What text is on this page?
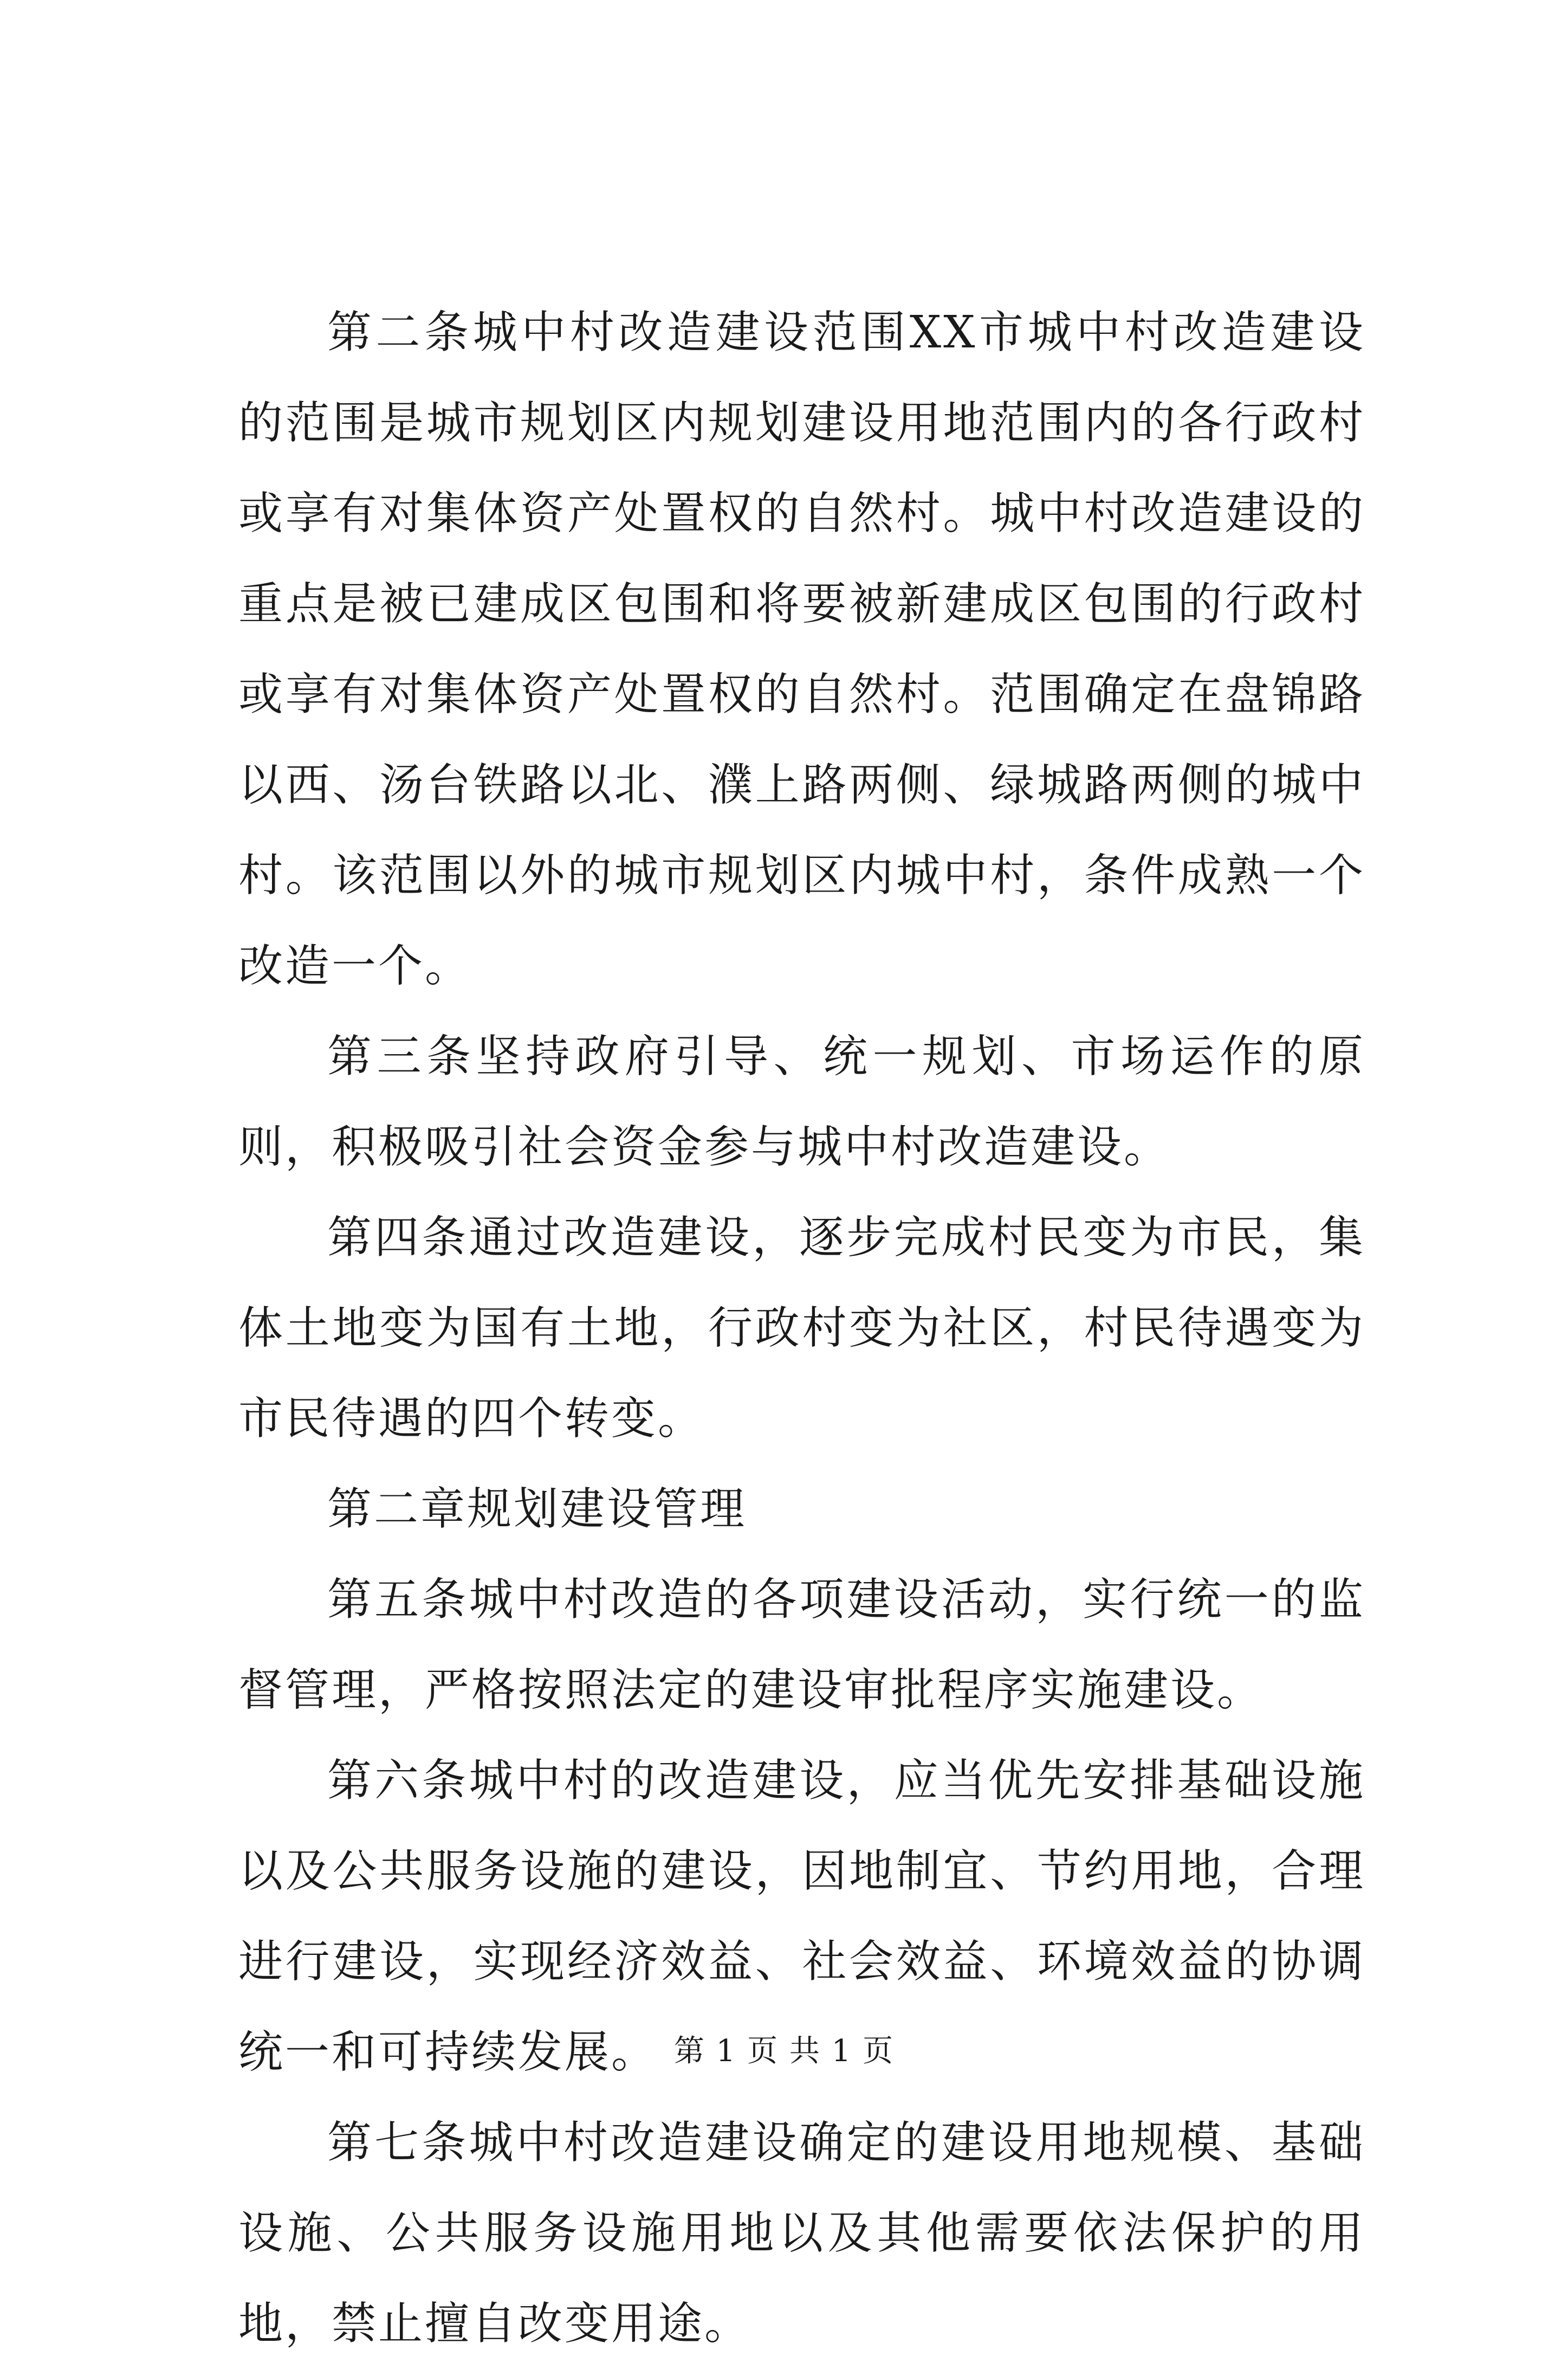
第二条城中村改造建设范围XX市城中村改造建设的范围是城市规划区内规划建设用地范围内的各行政村或享有对集体资产处置权的自然村。城中村改造建设的重点是被已建成区包围和将要被新建成区包围的行政村或享有对集体资产处置权的自然村。范围确定在盘锦路以西、汤台铁路以北、濮上路两侧、绿城路两侧的城中村。该范围以外的城市规划区内城中村，条件成熟一个改造一个。

第三条坚持政府引导、统一规划、市场运作的原则，积极吸引社会资金参与城中村改造建设。

第四条通过改造建设，逐步完成村民变为市民，集体土地变为国有土地，行政村变为社区，村民待遇变为市民待遇的四个转变。

第二章规划建设管理

第五条城中村改造的各项建设活动，实行统一的监督管理，严格按照法定的建设审批程序实施建设。

第六条城中村的改造建设，应当优先安排基础设施以及公共服务设施的建设，因地制宜、节约用地，合理进行建设，实现经济效益、社会效益、环境效益的协调统一和可持续发展。

第七条城中村改造建设确定的建设用地规模、基础设施、公共服务设施用地以及其他需要依法保护的用地，禁止擅自改变用途。

第 1 页 共 1 页
